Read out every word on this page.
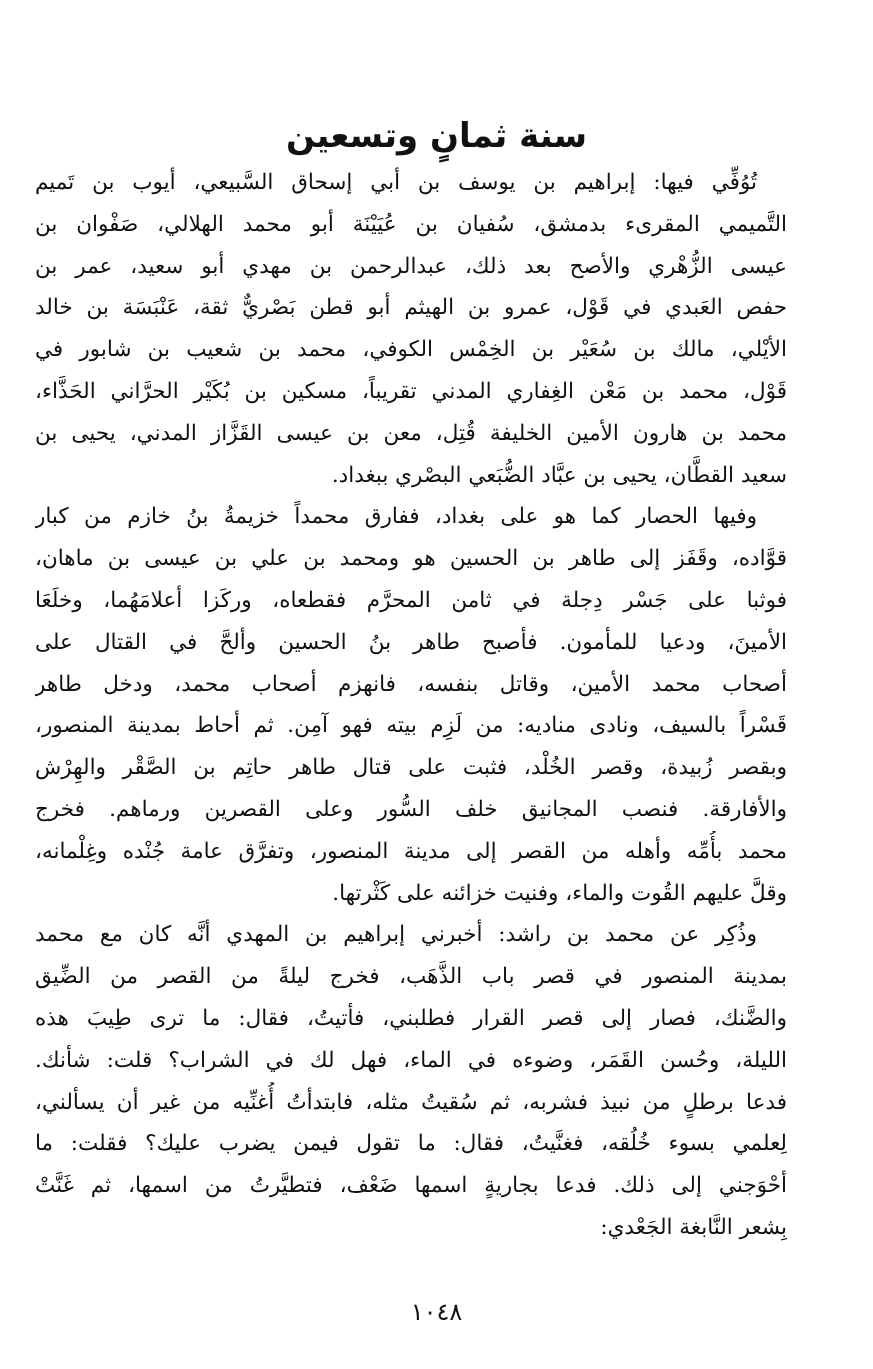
سنة ثمانٍ وتسعين
تُوُفِّي فيها: إبراهيم بن يوسف بن أبي إسحاق السَّبيعي، أيوب بن تَميم
التَّميمي المقرىء بدمشق، سُفيان بن عُيَيْنَة أبو محمد الهلالي، صَفْوان بن
عيسى الزُّهْري والأصح بعد ذلك، عبدالرحمن بن مهدي أبو سعيد، عمر بن
حفص العَبدي في قَوْل، عمرو بن الهيثم أبو قطن بَصْريٌّ ثقة، عَنْبَسَة بن خالد
الأيْلي، مالك بن سُعَيْر بن الخِمْس الكوفي، محمد بن شعيب بن شابور في
قَوْل، محمد بن مَعْن الغِفاري المدني تقريباً، مسكين بن بُكَيْر الحرَّاني الحَذَّاء،
محمد بن هارون الأمين الخليفة قُتِل، معن بن عيسى القَزَّاز المدني، يحيى بن
سعيد القطَّان، يحيى بن عبَّاد الضُّبَعي البصْري ببغداد.
وفيها الحصار كما هو على بغداد، ففارق محمداً خزيمةُ بنُ خازم من كبار
قوَّاده، وقَفَز إلى طاهر بن الحسين هو ومحمد بن علي بن عيسى بن ماهان،
فوثبا على جَسْر دِجلة في ثامن المحرَّم فقطعاه، وركَزا أعلامَهُما، وخلَعَا
الأمينَ، ودعيا للمأمون. فأصبح طاهر بنُ الحسين وألحَّ في القتال على
أصحاب محمد الأمين، وقاتل بنفسه، فانهزم أصحاب محمد، ودخل طاهر
قَسْراً بالسيف، ونادى مناديه: من لَزِم بيته فهو آمِن. ثم أحاط بمدينة المنصور،
وبقصر زُبيدة، وقصر الخُلْد، فثبت على قتال طاهر حاتِم بن الصَّقْر والهِرْش
والأفارقة. فنصب المجانيق خلف السُّور وعلى القصرين ورماهم. فخرج
محمد بأُمِّه وأهله من القصر إلى مدينة المنصور، وتفرَّق عامة جُنْده وغِلْمانه،
وقلَّ عليهم القُوت والماء، وفنيت خزائنه على كَثْرتها.
وذُكِر عن محمد بن راشد: أخبرني إبراهيم بن المهدي أنَّه كان مع محمد
بمدينة المنصور في قصر باب الذَّهَب، فخرج ليلةً من القصر من الضِّيق
والضَّنك، فصار إلى قصر القرار فطلبني، فأتيتُ، فقال: ما ترى طِيبَ هذه
الليلة، وحُسن القَمَر، وضوءه في الماء، فهل لك في الشراب؟ قلت: شأنك.
فدعا برطلٍ من نبيذ فشربه، ثم سُقيتُ مثله، فابتدأتُ أُغنِّيه من غير أن يسألني،
لِعلمي بسوء خُلُقه، فغنَّيتُ، فقال: ما تقول فيمن يضرب عليك؟ فقلت: ما
أحْوَجني إلى ذلك. فدعا بجاريةٍ اسمها ضَعْف، فتطيَّرتُ من اسمها، ثم غَنَّتْ
بِشعر النَّابغة الجَعْدي:
١٠٤٨
